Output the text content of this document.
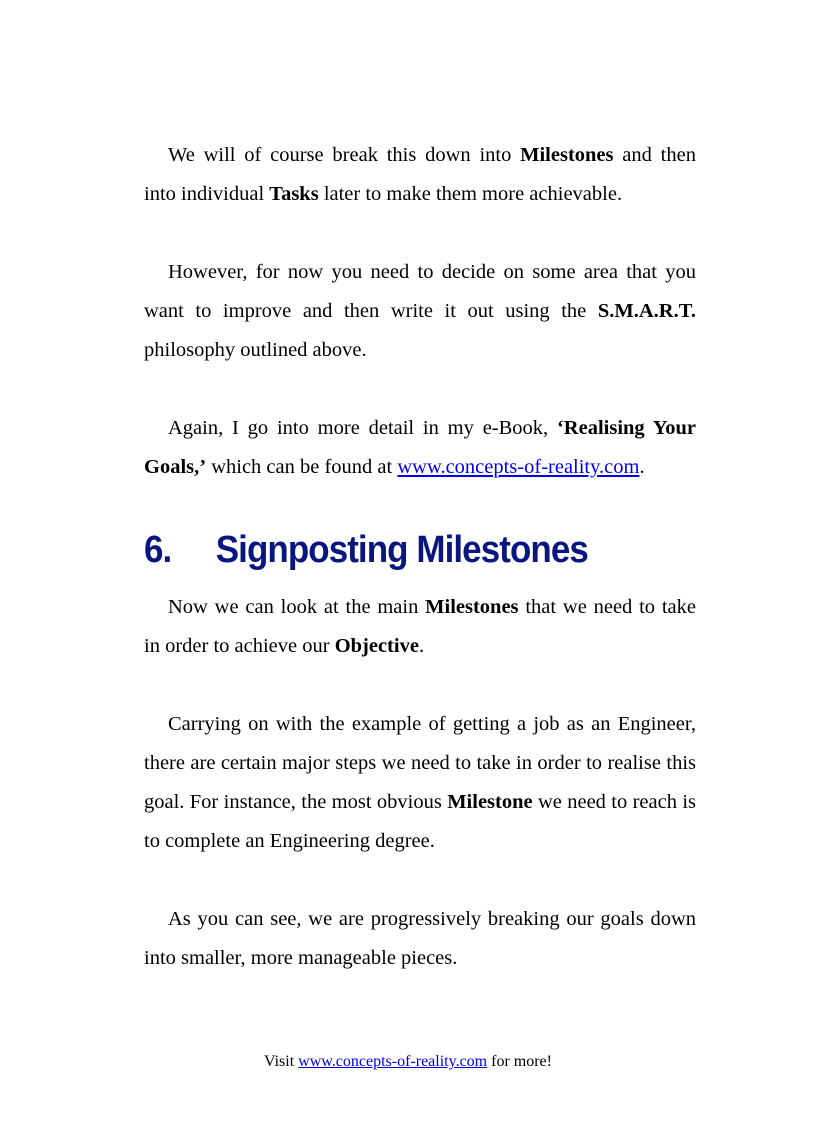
We will of course break this down into Milestones and then into individual Tasks later to make them more achievable.

However, for now you need to decide on some area that you want to improve and then write it out using the S.M.A.R.T. philosophy outlined above.

Again, I go into more detail in my e-Book, ‘Realising Your Goals,’ which can be found at www.concepts-of-reality.com.

6.	Signposting Milestones

Now we can look at the main Milestones that we need to take in order to achieve our Objective.

Carrying on with the example of getting a job as an Engineer, there are certain major steps we need to take in order to realise this goal. For instance, the most obvious Milestone we need to reach is to complete an Engineering degree.

As you can see, we are progressively breaking our goals down into smaller, more manageable pieces.

Visit www.concepts-of-reality.com for more!
